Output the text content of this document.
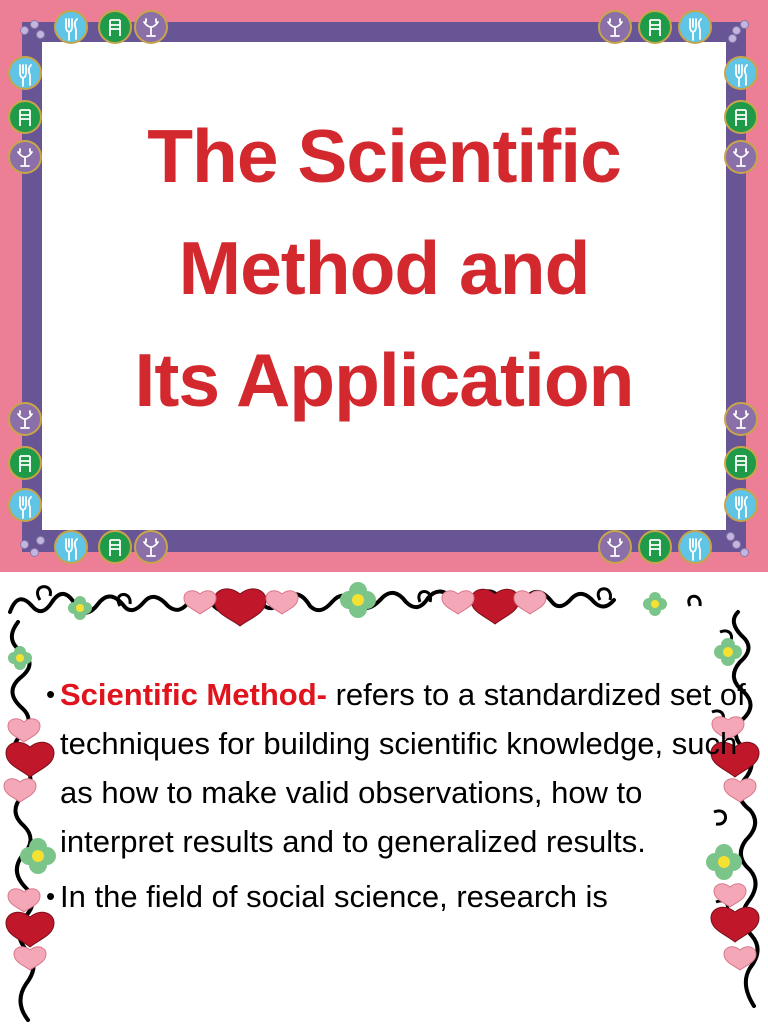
The Scientific
Method and
Its Application
• Scientific Method- refers to a standardized set of techniques for building scientific knowledge, such as how to make valid observations, how to interpret results and to generalized results.
• In the field of social science, research is
